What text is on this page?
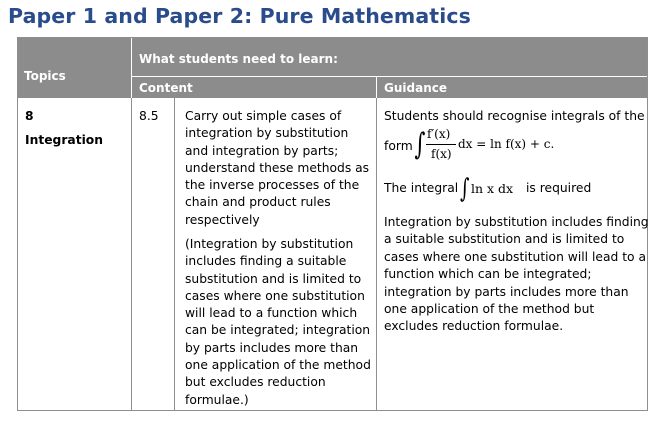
Paper 1 and Paper 2: Pure Mathematics
Topics
What students need to learn:
Content	Guidance
8
Integration
8.5 Carry out simple cases of
integration by substitution
and integration by parts;
understand these methods as
the inverse processes of the
chain and product rules
respectively
(Integration by substitution
includes finding a suitable
substitution and is limited to
cases where one substitution
will lead to a function which
can be integrated; integration
by parts includes more than
one application of the method
but excludes reduction
formulae.)
Students should recognise integrals of the
form ∫ f′(x)
f(x)
dx = ln f(x) + c.
The integral ∫ ln x dx is required
Integration by substitution includes finding
a suitable substitution and is limited to
cases where one substitution will lead to a
function which can be integrated;
integration by parts includes more than
one application of the method but
excludes reduction formulae.
